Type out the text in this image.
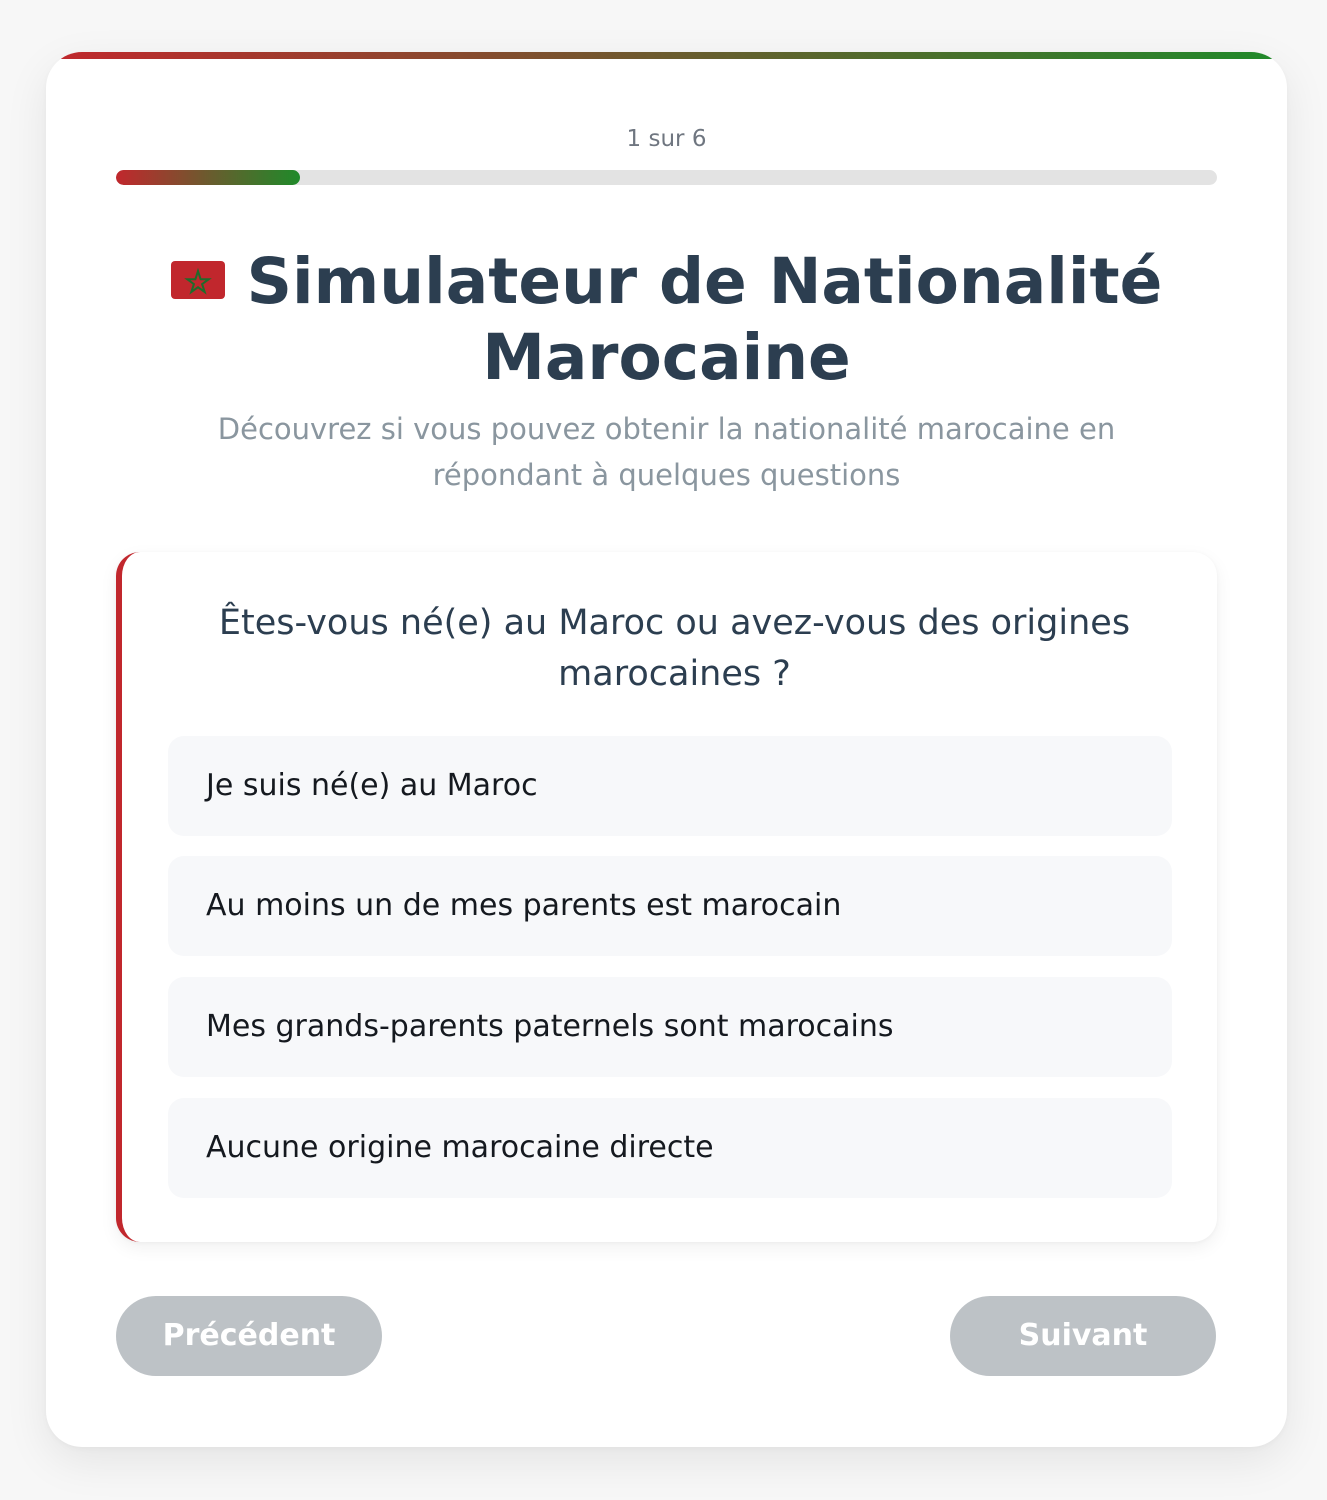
1 sur 6
Simulateur de Nationalité Marocaine
Découvrez si vous pouvez obtenir la nationalité marocaine en répondant à quelques questions
Êtes-vous né(e) au Maroc ou avez-vous des origines marocaines ?
Je suis né(e) au Maroc
Au moins un de mes parents est marocain
Mes grands-parents paternels sont marocains
Aucune origine marocaine directe
Précédent	Suivant
